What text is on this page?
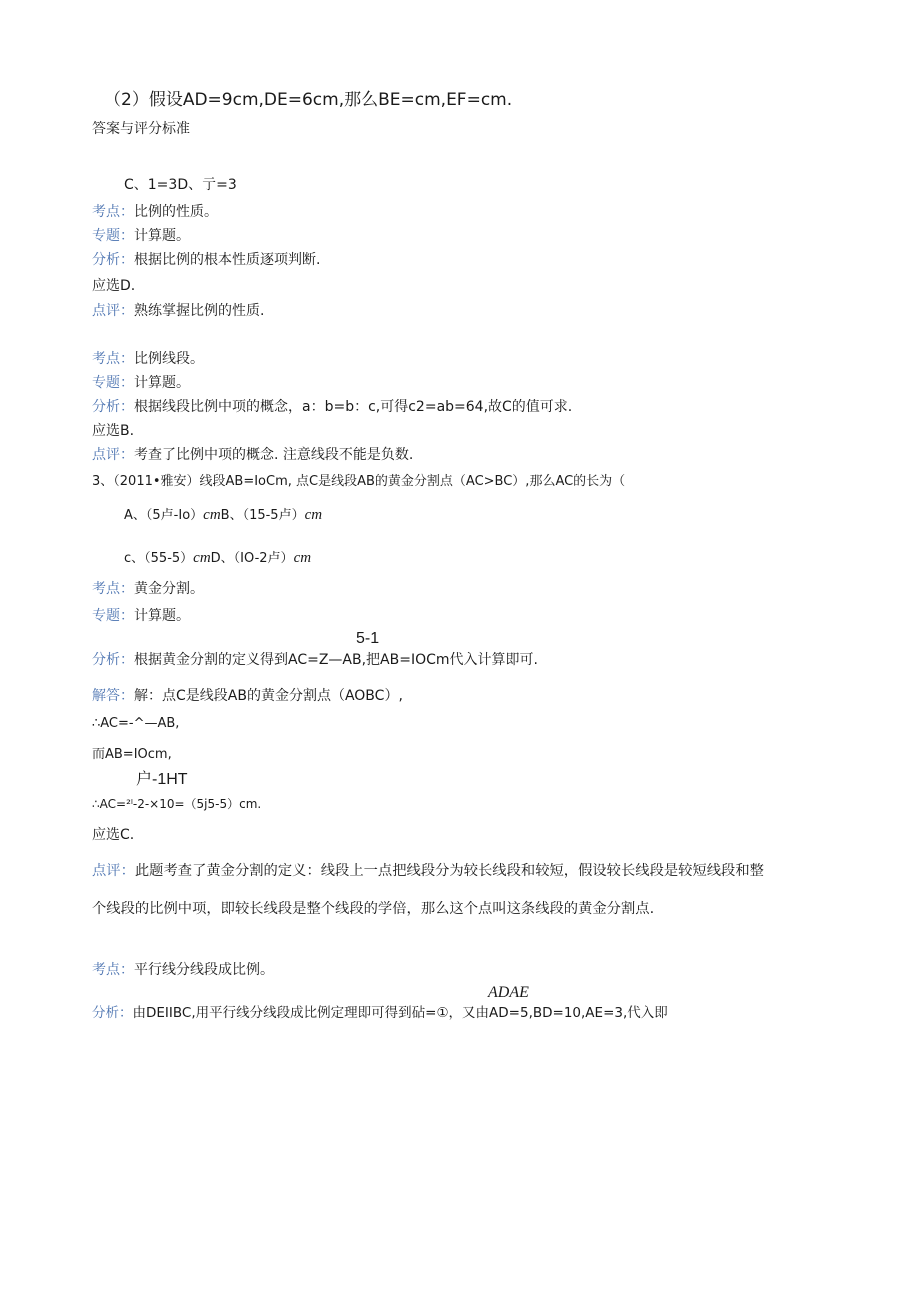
（2）假设AD=9cm,DE=6cm,那么BE=cm,EF=cm.
答案与评分标准
C、1=3D、亍=3
考点：比例的性质。
专题：计算题。
分析：根据比例的根本性质逐项判断.
应选D.
点评：熟练掌握比例的性质.
考点：比例线段。
专题：计算题。
分析：根据线段比例中项的概念，a：b=b：c,可得c2=ab=64,故C的值可求.
应选B.
点评：考查了比例中项的概念. 注意线段不能是负数.
3、（2011•雅安）线段AB=IoCm, 点C是线段AB的黄金分割点（AC>BC）,那么AC的长为（
A、（5卢-Io）cmB、（15-5卢）cm
c、（55-5）cmD、（IO-2卢）cm
考点：黄金分割。
专题：计算题。
5-1
分析：根据黄金分割的定义得到AC=Z—AB,把AB=IOCm代入计算即可.
解答：解：点C是线段AB的黄金分割点（AOBC）,
∴AC=-^—AB,
而AB=IOcm,
户-1HT
∴AC=²ˡ-2-×10=（5j5-5）cm.
应选C.
点评：此题考查了黄金分割的定义：线段上一点把线段分为较长线段和较短，假设较长线段是较短线段和整
个线段的比例中项，即较长线段是整个线段的学倍，那么这个点叫这条线段的黄金分割点.
考点：平行线分线段成比例。
ADAE
分析：由DEIIBC,用平行线分线段成比例定理即可得到砧=①，又由AD=5,BD=10,AE=3,代入即
